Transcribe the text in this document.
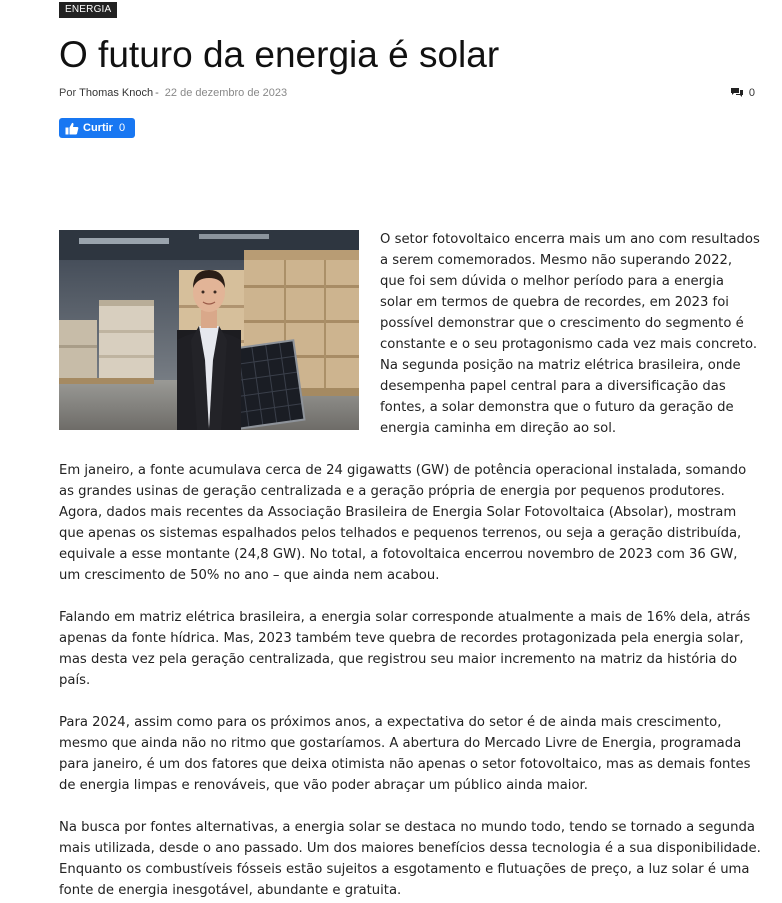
ENERGIA
O futuro da energia é solar
Por Thomas Knoch - 22 de dezembro de 2023	0
Curtir 0

O setor fotovoltaico encerra mais um ano com resultados a serem comemorados. Mesmo não superando 2022, que foi sem dúvida o melhor período para a energia solar em termos de quebra de recordes, em 2023 foi possível demonstrar que o crescimento do segmento é constante e o seu protagonismo cada vez mais concreto. Na segunda posição na matriz elétrica brasileira, onde desempenha papel central para a diversificação das fontes, a solar demonstra que o futuro da geração de energia caminha em direção ao sol.

Em janeiro, a fonte acumulava cerca de 24 gigawatts (GW) de potência operacional instalada, somando as grandes usinas de geração centralizada e a geração própria de energia por pequenos produtores. Agora, dados mais recentes da Associação Brasileira de Energia Solar Fotovoltaica (Absolar), mostram que apenas os sistemas espalhados pelos telhados e pequenos terrenos, ou seja a geração distribuída, equivale a esse montante (24,8 GW). No total, a fotovoltaica encerrou novembro de 2023 com 36 GW, um crescimento de 50% no ano – que ainda nem acabou.

Falando em matriz elétrica brasileira, a energia solar corresponde atualmente a mais de 16% dela, atrás apenas da fonte hídrica. Mas, 2023 também teve quebra de recordes protagonizada pela energia solar, mas desta vez pela geração centralizada, que registrou seu maior incremento na matriz da história do país.

Para 2024, assim como para os próximos anos, a expectativa do setor é de ainda mais crescimento, mesmo que ainda não no ritmo que gostaríamos. A abertura do Mercado Livre de Energia, programada para janeiro, é um dos fatores que deixa otimista não apenas o setor fotovoltaico, mas as demais fontes de energia limpas e renováveis, que vão poder abraçar um público ainda maior.

Na busca por fontes alternativas, a energia solar se destaca no mundo todo, tendo se tornado a segunda mais utilizada, desde o ano passado. Um dos maiores benefícios dessa tecnologia é a sua disponibilidade. Enquanto os combustíveis fósseis estão sujeitos a esgotamento e flutuações de preço, a luz solar é uma fonte de energia inesgotável, abundante e gratuita.
